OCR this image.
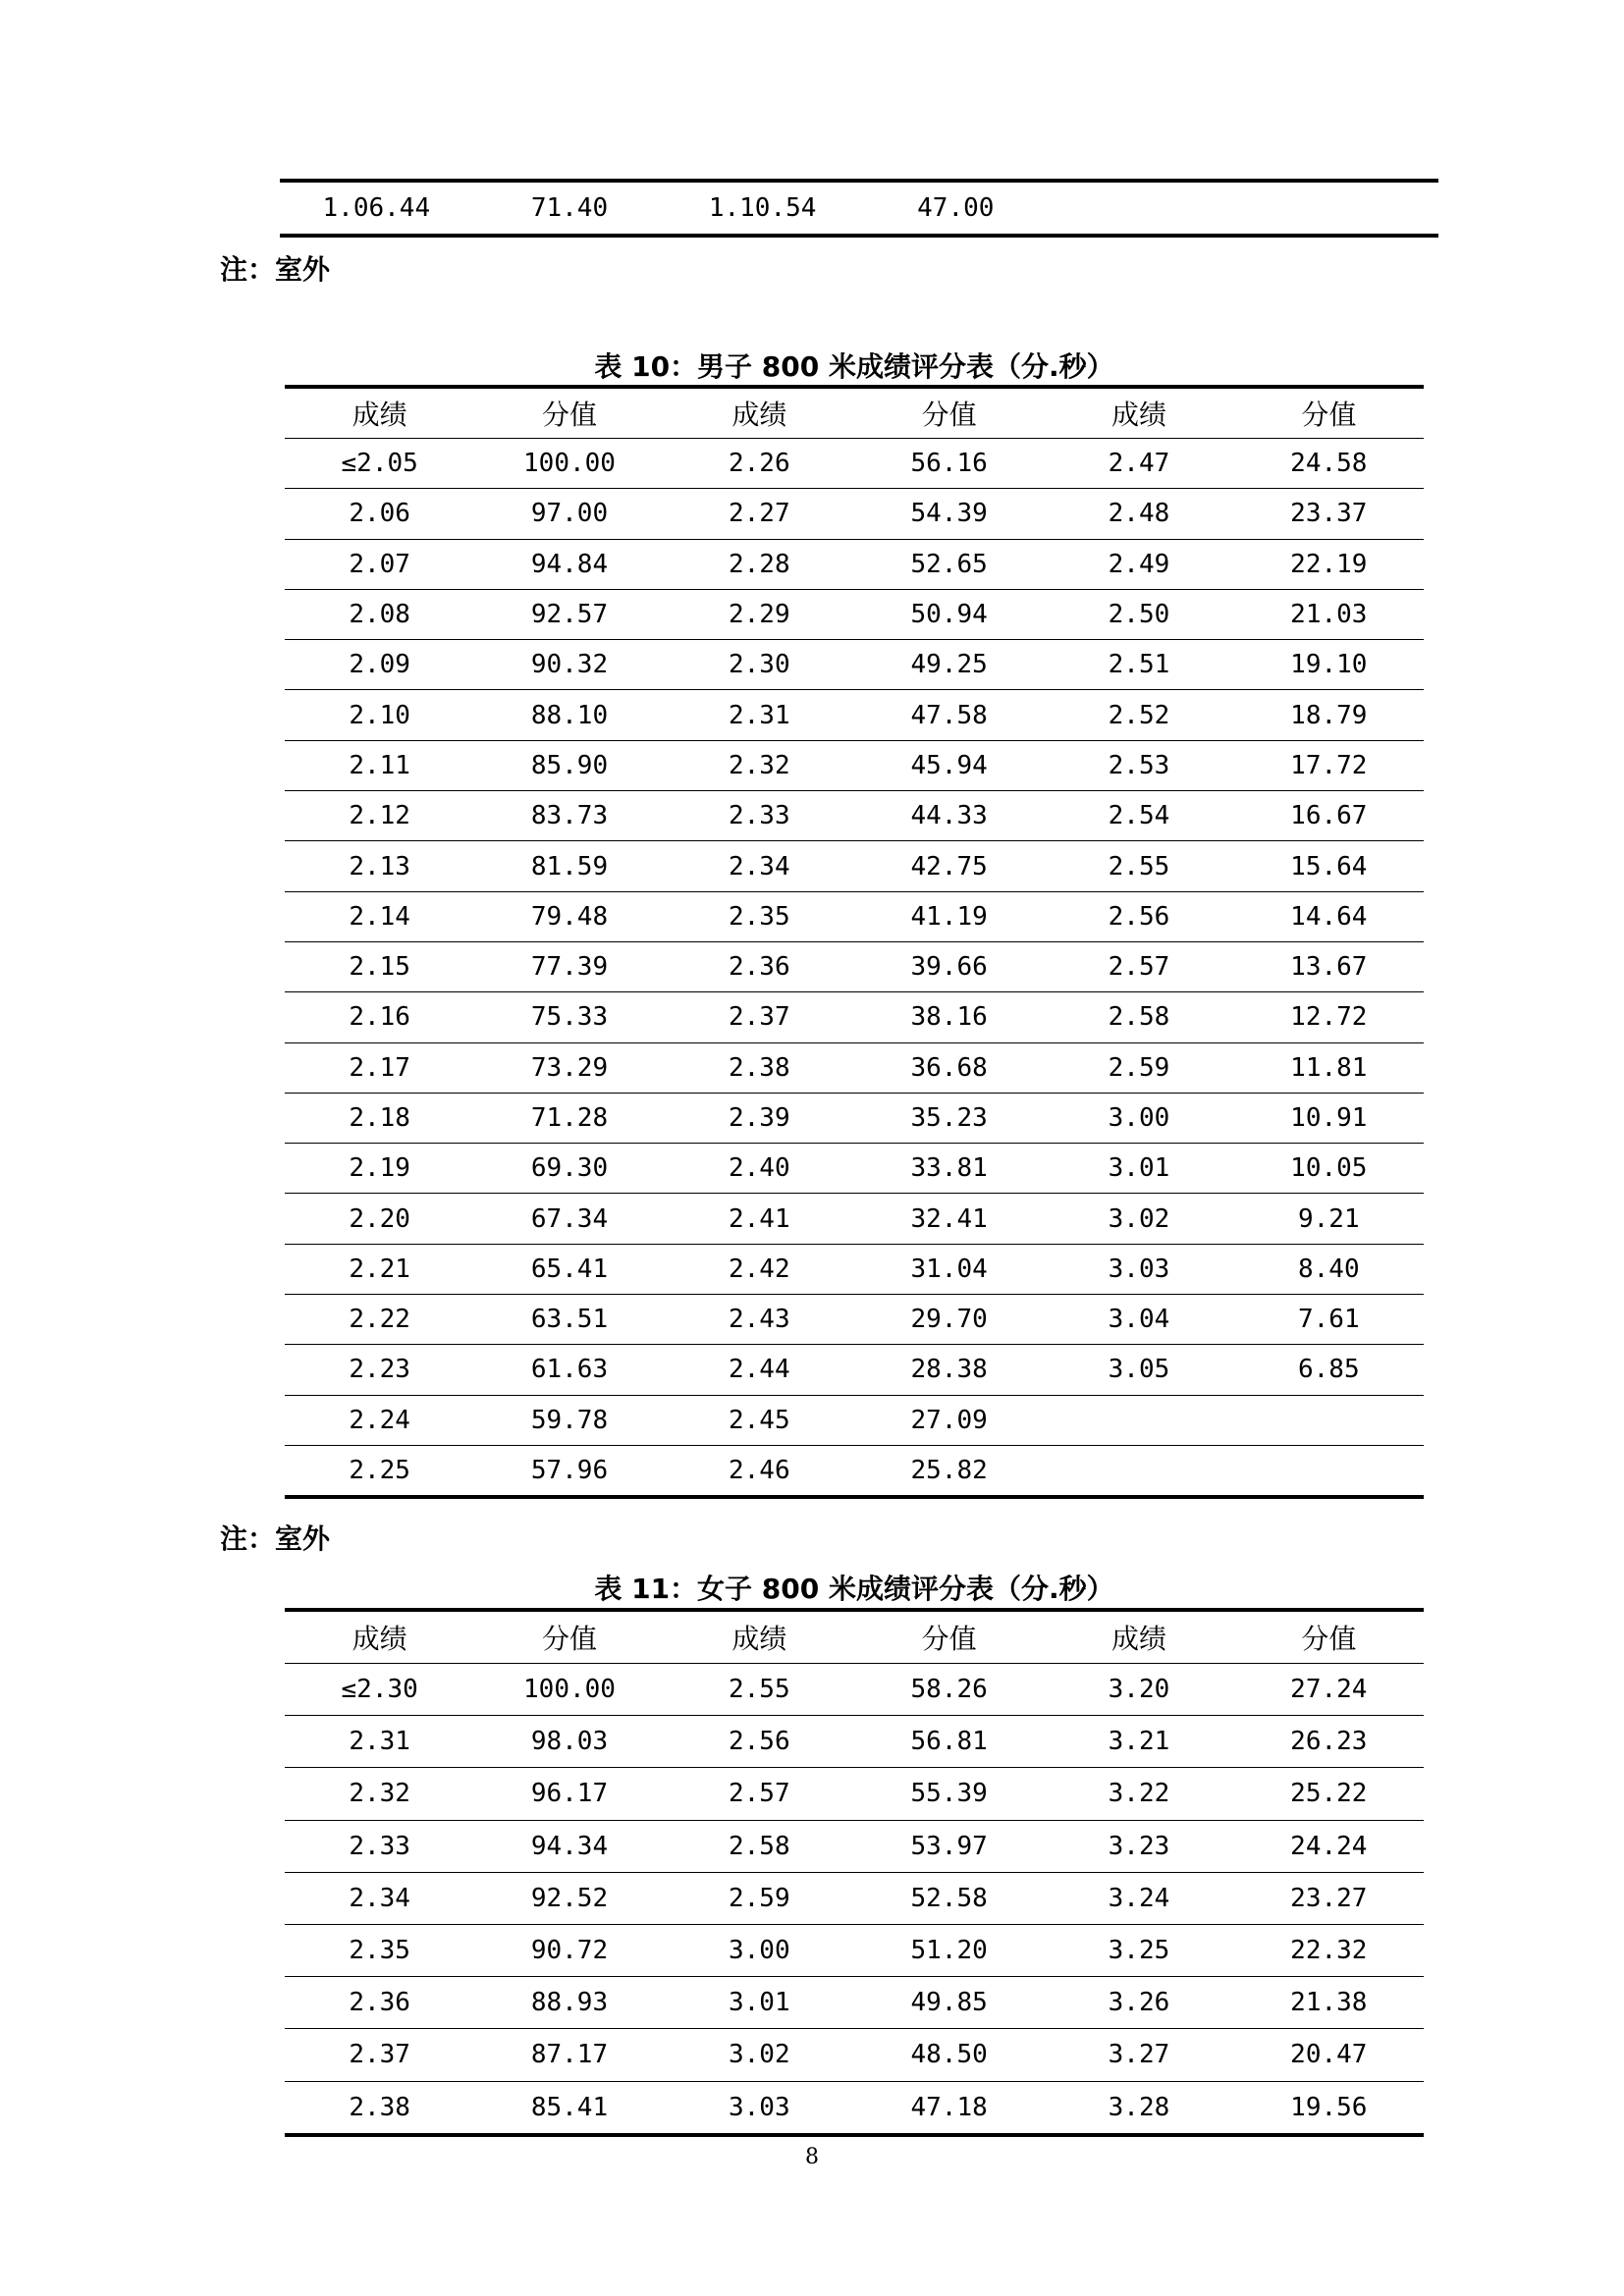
1.06.44	71.40	1.10.54	47.00		
注：室外
表 10：男子 800 米成绩评分表（分.秒）
成绩	分值	成绩	分值	成绩	分值
≤2.05	100.00	2.26	56.16	2.47	24.58
2.06	97.00	2.27	54.39	2.48	23.37
2.07	94.84	2.28	52.65	2.49	22.19
2.08	92.57	2.29	50.94	2.50	21.03
2.09	90.32	2.30	49.25	2.51	19.10
2.10	88.10	2.31	47.58	2.52	18.79
2.11	85.90	2.32	45.94	2.53	17.72
2.12	83.73	2.33	44.33	2.54	16.67
2.13	81.59	2.34	42.75	2.55	15.64
2.14	79.48	2.35	41.19	2.56	14.64
2.15	77.39	2.36	39.66	2.57	13.67
2.16	75.33	2.37	38.16	2.58	12.72
2.17	73.29	2.38	36.68	2.59	11.81
2.18	71.28	2.39	35.23	3.00	10.91
2.19	69.30	2.40	33.81	3.01	10.05
2.20	67.34	2.41	32.41	3.02	9.21
2.21	65.41	2.42	31.04	3.03	8.40
2.22	63.51	2.43	29.70	3.04	7.61
2.23	61.63	2.44	28.38	3.05	6.85
2.24	59.78	2.45	27.09		
2.25	57.96	2.46	25.82		
注：室外
表 11：女子 800 米成绩评分表（分.秒）
成绩	分值	成绩	分值	成绩	分值
≤2.30	100.00	2.55	58.26	3.20	27.24
2.31	98.03	2.56	56.81	3.21	26.23
2.32	96.17	2.57	55.39	3.22	25.22
2.33	94.34	2.58	53.97	3.23	24.24
2.34	92.52	2.59	52.58	3.24	23.27
2.35	90.72	3.00	51.20	3.25	22.32
2.36	88.93	3.01	49.85	3.26	21.38
2.37	87.17	3.02	48.50	3.27	20.47
2.38	85.41	3.03	47.18	3.28	19.56
8
